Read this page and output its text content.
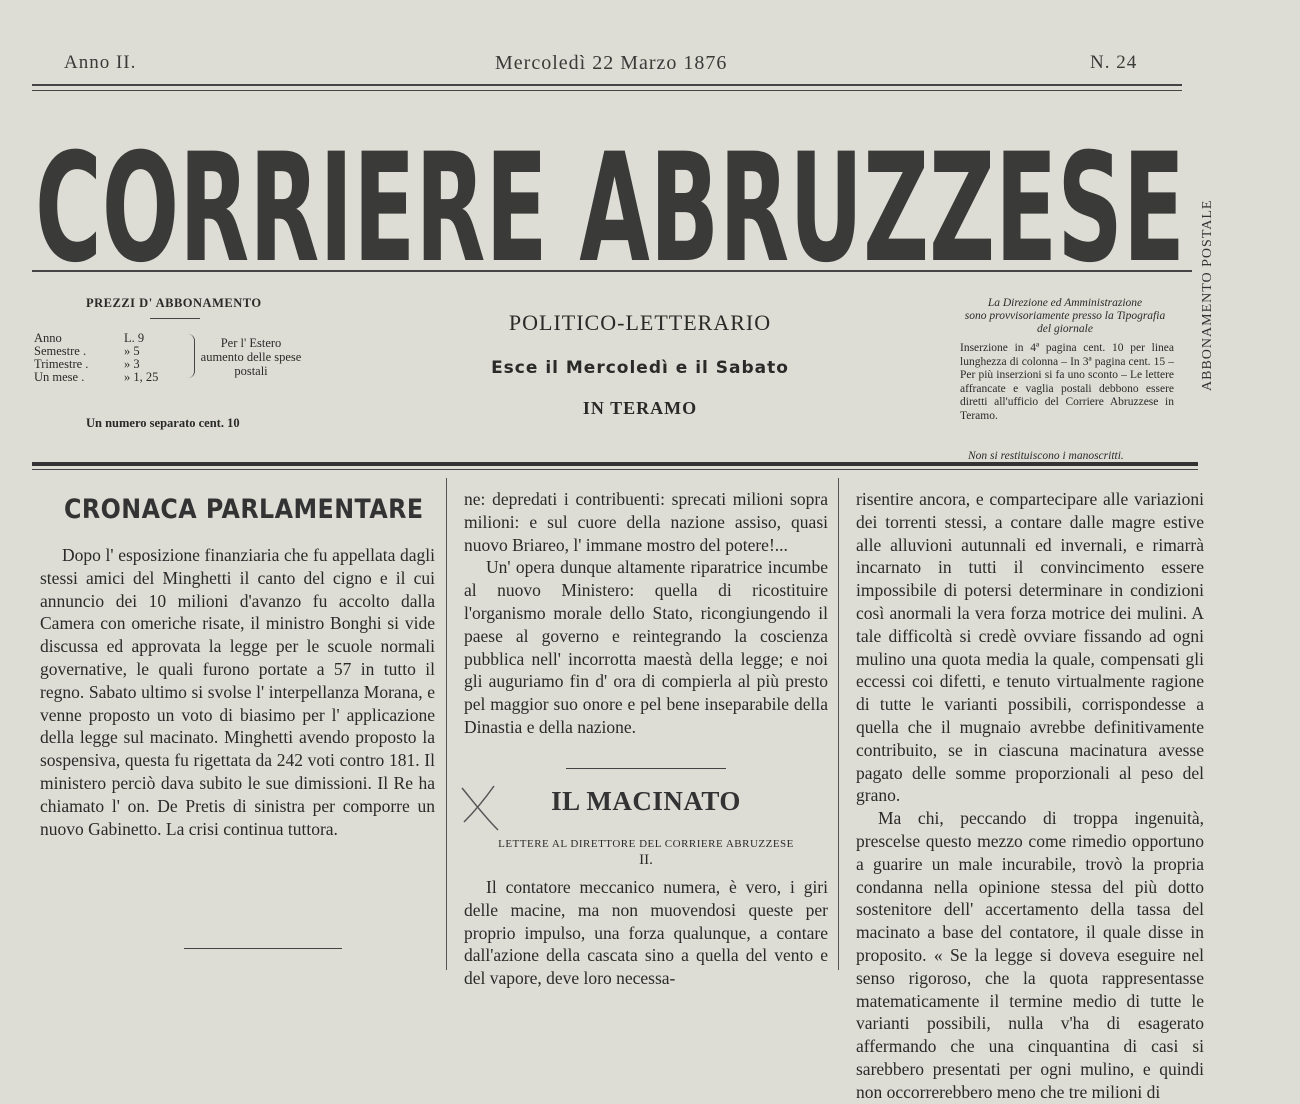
Anno II.	Mercoledì 22 Marzo 1876	N. 24
CORRIERE ABRUZZESE ABBONAMENTO POSTALE
PREZZI D' ABBONAMENTO
Anno	L. 9
Semestre .	» 5
Trimestre .	» 3
Un mese .	» 1, 25
Per l' Estero
aumento delle spese
postali
Un numero separato cent. 10
POLITICO-LETTERARIO
Esce il Mercoledì e il Sabato
IN TERAMO
La Direzione ed Amministrazione
sono provvisoriamente presso la Tipografia
del giornale
Inserzione in 4ª pagina cent. 10 per linea lunghezza di colonna – In 3ª pagina cent. 15 – Per più inserzioni si fa uno sconto – Le lettere affrancate e vaglia postali debbono essere diretti all'ufficio del Corriere Abruzzese in Teramo.
Non si restituiscono i manoscritti.
CRONACA PARLAMENTARE

Dopo l' esposizione finanziaria che fu appellata dagli stessi amici del Minghetti il canto del cigno e il cui annuncio dei 10 milioni d'avanzo fu accolto dalla Camera con omeriche risate, il ministro Bonghi si vide discussa ed approvata la legge per le scuole normali governative, le quali furono portate a 57 in tutto il regno. Sabato ultimo si svolse l' interpellanza Morana, e venne proposto un voto di biasimo per l' applicazione della legge sul macinato. Minghetti avendo proposto la sospensiva, questa fu rigettata da 242 voti contro 181. Il ministero perciò dava subito le sue dimissioni. Il Re ha chiamato l' on. De Pretis di sinistra per comporre un nuovo Gabinetto. La crisi continua tuttora.

ne: depredati i contribuenti: sprecati milioni sopra milioni: e sul cuore della nazione assiso, quasi nuovo Briareo, l' immane mostro del potere!...

Un' opera dunque altamente riparatrice incumbe al nuovo Ministero: quella di ricostituire l'organismo morale dello Stato, ricongiungendo il paese al governo e reintegrando la coscienza pubblica nell' incorrotta maestà della legge; e noi gli auguriamo fin d' ora di compierla al più presto pel maggior suo onore e pel bene inseparabile della Dinastia e della nazione.

IL MACINATO
LETTERE AL DIRETTORE DEL CORRIERE ABRUZZESE
II.

Il contatore meccanico numera, è vero, i giri delle macine, ma non muovendosi queste per proprio impulso, una forza qualunque, a contare dall'azione della cascata sino a quella del vento e del vapore, deve loro necessa-

risentire ancora, e compartecipare alle variazioni dei torrenti stessi, a contare dalle magre estive alle alluvioni autunnali ed invernali, e rimarrà incarnato in tutti il convincimento essere impossibile di potersi determinare in condizioni così anormali la vera forza motrice dei mulini. A tale difficoltà si credè ovviare fissando ad ogni mulino una quota media la quale, compensati gli eccessi coi difetti, e tenuto virtualmente ragione di tutte le varianti possibili, corrispondesse a quella che il mugnaio avrebbe definitivamente contribuito, se in ciascuna macinatura avesse pagato delle somme proporzionali al peso del grano.

Ma chi, peccando di troppa ingenuità, prescelse questo mezzo come rimedio opportuno a guarire un male incurabile, trovò la propria condanna nella opinione stessa del più dotto sostenitore dell' accertamento della tassa del macinato a base del contatore, il quale disse in proposito. « Se la legge si doveva eseguire nel senso rigoroso, che la quota rappresentasse matematicamente il termine medio di tutte le varianti possibili, nulla v'ha di esagerato affermando che una cinquantina di casi si sarebbero presentati per ogni mulino, e quindi non occorrerebbero meno che tre milioni di
